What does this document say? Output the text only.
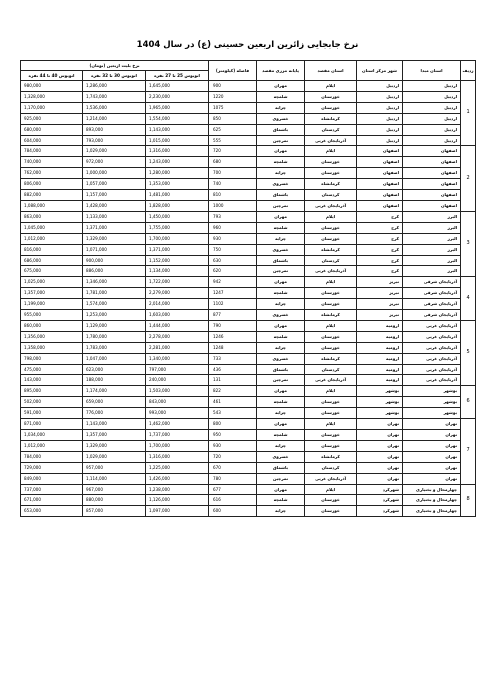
نرخ جابجایی زائرین اربعین حسینی (ع) در سال 1404
ردیف	استان مبدا	شهر مرکز استان	استان مقصد	پایانه مرزی مقصد	فاصله (کیلومتر)	نرخ بلیت اربعین (تومان)		
						اتوبوس 25 تا 27 نفره	اتوبوس 30 تا 32 نفره	اتوبوس 40 تا 44 نفره
1	اردبیل	اردبیل	ایلام	مهران	900	1,645,000	1,286,000	980,000
	اردبیل	اردبیل	خوزستان	شلمچه	1220	2,230,000	1,743,000	1,328,000
	اردبیل	اردبیل	خوزستان	چزابه	1075	1,965,000	1,536,000	1,170,000
	اردبیل	اردبیل	کرمانشاه	خسروی	850	1,554,000	1,214,000	925,000
	اردبیل	اردبیل	کردستان	باشماق	625	1,143,000	893,000	680,000
	اردبیل	اردبیل	آذربایجان غربی	تمرچین	555	1,015,000	793,000	604,000
2	اصفهان	اصفهان	ایلام	مهران	720	1,316,000	1,029,000	784,000
	اصفهان	اصفهان	خوزستان	شلمچه	680	1,243,000	972,000	740,000
	اصفهان	اصفهان	خوزستان	چزابه	700	1,280,000	1,000,000	762,000
	اصفهان	اصفهان	کرمانشاه	خسروی	740	1,353,000	1,057,000	806,000
	اصفهان	اصفهان	کردستان	باشماق	810	1,481,000	1,157,000	882,000
	اصفهان	اصفهان	آذربایجان غربی	تمرچین	1000	1,828,000	1,428,000	1,088,000
3	البرز	کرج	ایلام	مهران	793	1,450,000	1,133,000	863,000
	البرز	کرج	خوزستان	شلمچه	960	1,755,000	1,371,000	1,045,000
	البرز	کرج	خوزستان	چزابه	930	1,700,000	1,329,000	1,012,000
	البرز	کرج	کرمانشاه	خسروی	750	1,371,000	1,071,000	816,000
	البرز	کرج	کردستان	باشماق	630	1,152,000	900,000	686,000
	البرز	کرج	آذربایجان غربی	تمرچین	620	1,134,000	886,000	675,000
4	آذربایجان شرقی	تبریز	ایلام	مهران	942	1,722,000	1,346,000	1,025,000
	آذربایجان شرقی	تبریز	خوزستان	شلمچه	1247	2,279,000	1,781,000	1,357,000
	آذربایجان شرقی	تبریز	خوزستان	چزابه	1102	2,014,000	1,574,000	1,199,000
	آذربایجان شرقی	تبریز	کرمانشاه	خسروی	877	1,603,000	1,253,000	955,000
5	آذربایجان غربی	ارومیه	ایلام	مهران	790	1,444,000	1,129,000	860,000
	آذربایجان غربی	ارومیه	خوزستان	شلمچه	1246	2,278,000	1,780,000	1,356,000
	آذربایجان غربی	ارومیه	خوزستان	چزابه	1248	2,281,000	1,783,000	1,358,000
	آذربایجان غربی	ارومیه	کرمانشاه	خسروی	733	1,340,000	1,047,000	798,000
	آذربایجان غربی	ارومیه	کردستان	باشماق	436	797,000	623,000	475,000
	آذربایجان غربی	ارومیه	آذربایجان غربی	تمرچین	131	240,000	188,000	143,000
6	بوشهر	بوشهر	ایلام	مهران	822	1,503,000	1,174,000	895,000
	بوشهر	بوشهر	خوزستان	شلمچه	461	843,000	659,000	502,000
	بوشهر	بوشهر	خوزستان	چزابه	543	993,000	776,000	591,000
7	تهران	تهران	ایلام	مهران	800	1,462,000	1,143,000	871,000
	تهران	تهران	خوزستان	شلمچه	950	1,737,000	1,357,000	1,034,000
	تهران	تهران	خوزستان	چزابه	930	1,700,000	1,329,000	1,012,000
	تهران	تهران	کرمانشاه	خسروی	720	1,316,000	1,029,000	784,000
	تهران	تهران	کردستان	باشماق	670	1,225,000	957,000	729,000
	تهران	تهران	آذربایجان غربی	تمرچین	780	1,426,000	1,114,000	849,000
8	چهارمحال و بختیاری	شهرکرد	ایلام	مهران	677	1,238,000	967,000	737,000
	چهارمحال و بختیاری	شهرکرد	خوزستان	شلمچه	616	1,126,000	880,000	671,000
	چهارمحال و بختیاری	شهرکرد	خوزستان	چزابه	600	1,097,000	857,000	653,000
